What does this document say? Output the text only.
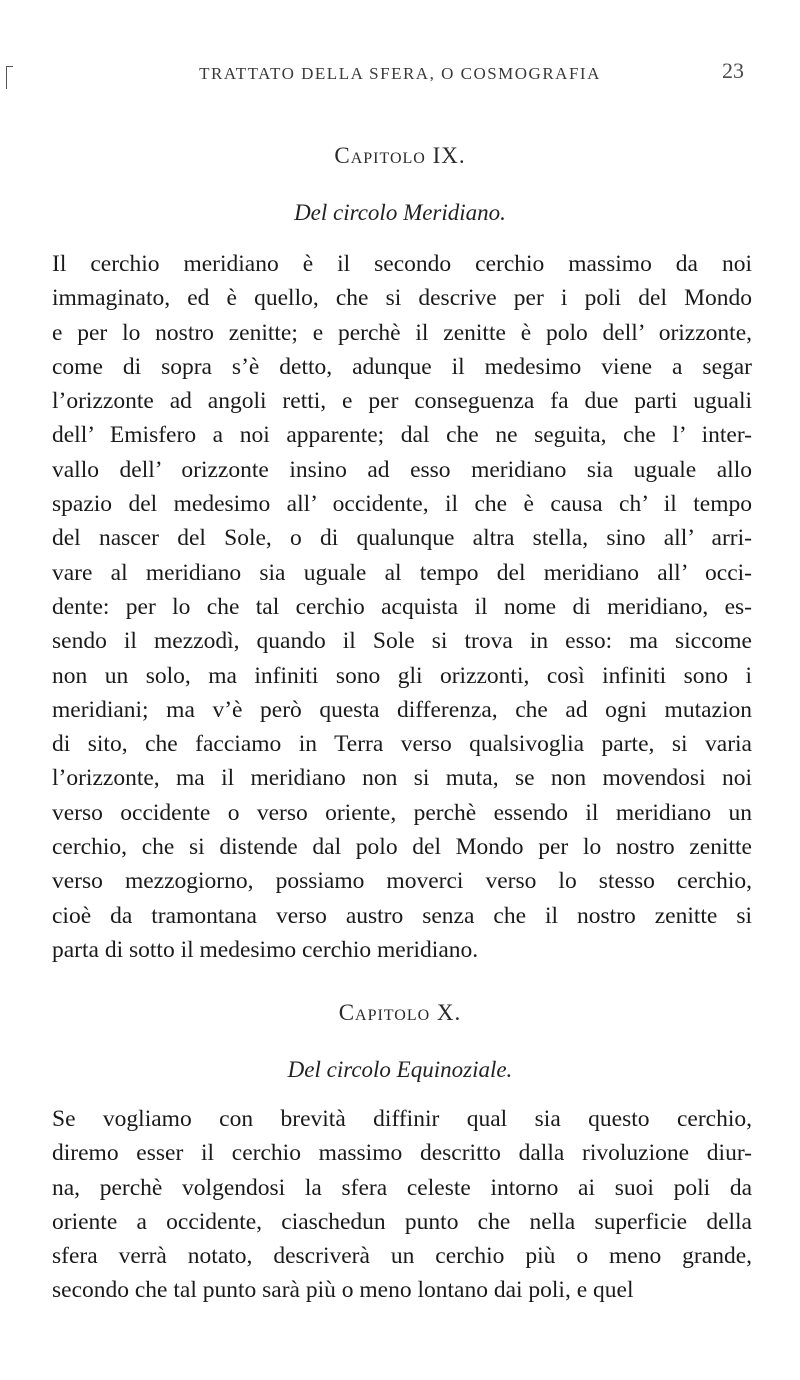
TRATTATO DELLA SFERA, O COSMOGRAFIA	23
Capitolo IX.
Del circolo Meridiano.
Il cerchio meridiano è il secondo cerchio massimo da noi
immaginato, ed è quello, che si descrive per i poli del Mondo
e per lo nostro zenitte; e perchè il zenitte è polo dell’ orizzonte,
come di sopra s’è detto, adunque il medesimo viene a segar
l’orizzonte ad angoli retti, e per conseguenza fa due parti uguali
dell’ Emisfero a noi apparente; dal che ne seguita, che l’ inter-
vallo dell’ orizzonte insino ad esso meridiano sia uguale allo
spazio del medesimo all’ occidente, il che è causa ch’ il tempo
del nascer del Sole, o di qualunque altra stella, sino all’ arri-
vare al meridiano sia uguale al tempo del meridiano all’ occi-
dente: per lo che tal cerchio acquista il nome di meridiano, es-
sendo il mezzodì, quando il Sole si trova in esso: ma siccome
non un solo, ma infiniti sono gli orizzonti, così infiniti sono i
meridiani; ma v’è però questa differenza, che ad ogni mutazion
di sito, che facciamo in Terra verso qualsivoglia parte, si varia
l’orizzonte, ma il meridiano non si muta, se non movendosi noi
verso occidente o verso oriente, perchè essendo il meridiano un
cerchio, che si distende dal polo del Mondo per lo nostro zenitte
verso mezzogiorno, possiamo moverci verso lo stesso cerchio,
cioè da tramontana verso austro senza che il nostro zenitte si
parta di sotto il medesimo cerchio meridiano.
Capitolo X.
Del circolo Equinoziale.
Se vogliamo con brevità diffinir qual sia questo cerchio,
diremo esser il cerchio massimo descritto dalla rivoluzione diur-
na, perchè volgendosi la sfera celeste intorno ai suoi poli da
oriente a occidente, ciaschedun punto che nella superficie della
sfera verrà notato, descriverà un cerchio più o meno grande,
secondo che tal punto sarà più o meno lontano dai poli, e quel
